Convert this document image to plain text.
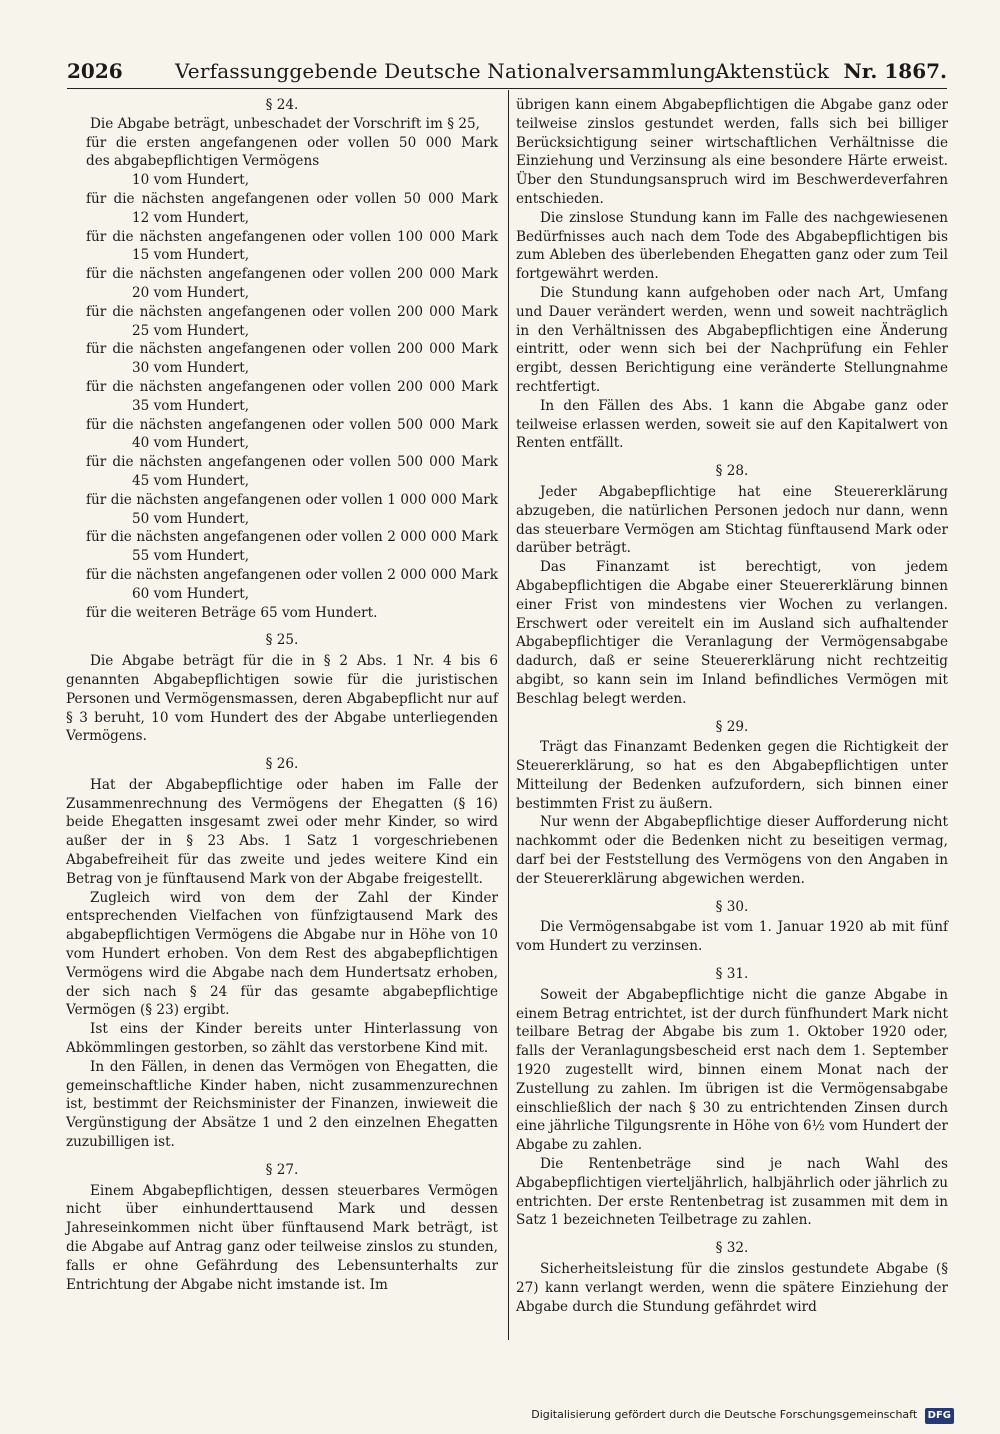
2026	Verfassunggebende Deutsche Nationalversammlung.
Aktenstück Nr. 1867.

§ 24.

Die Abgabe beträgt, unbeschadet der Vorschrift im § 25,

für die ersten angefangenen oder vollen 50 000 Mark

des abgabepflichtigen Vermögens

10 vom Hundert,

für die nächsten angefangenen oder vollen 50 000 Mark

12 vom Hundert,

für die nächsten angefangenen oder vollen 100 000 Mark

15 vom Hundert,

für die nächsten angefangenen oder vollen 200 000 Mark

20 vom Hundert,

für die nächsten angefangenen oder vollen 200 000 Mark

25 vom Hundert,

für die nächsten angefangenen oder vollen 200 000 Mark

30 vom Hundert,

für die nächsten angefangenen oder vollen 200 000 Mark

35 vom Hundert,

für die nächsten angefangenen oder vollen 500 000 Mark

40 vom Hundert,

für die nächsten angefangenen oder vollen 500 000 Mark

45 vom Hundert,

für die nächsten angefangenen oder vollen 1 000 000 Mark

50 vom Hundert,

für die nächsten angefangenen oder vollen 2 000 000 Mark

55 vom Hundert,

für die nächsten angefangenen oder vollen 2 000 000 Mark

60 vom Hundert,

für die weiteren Beträge 65 vom Hundert.

§ 25.

Die Abgabe beträgt für die in § 2 Abs. 1 Nr. 4 bis 6 genannten Abgabepflichtigen sowie für die juristischen Personen und Vermögensmassen, deren Abgabepflicht nur auf § 3 beruht, 10 vom Hundert des der Abgabe unterliegenden Vermögens.

§ 26.

Hat der Abgabepflichtige oder haben im Falle der Zusammenrechnung des Vermögens der Ehegatten (§ 16) beide Ehegatten insgesamt zwei oder mehr Kinder, so wird außer der in § 23 Abs. 1 Satz 1 vorgeschriebenen Abgabefreiheit für das zweite und jedes weitere Kind ein Betrag von je fünftausend Mark von der Abgabe freigestellt.

Zugleich wird von dem der Zahl der Kinder entsprechenden Vielfachen von fünfzigtausend Mark des abgabepflichtigen Vermögens die Abgabe nur in Höhe von 10 vom Hundert erhoben. Von dem Rest des abgabepflichtigen Vermögens wird die Abgabe nach dem Hundertsatz erhoben, der sich nach § 24 für das gesamte abgabepflichtige Vermögen (§ 23) ergibt.

Ist eins der Kinder bereits unter Hinterlassung von Abkömmlingen gestorben, so zählt das verstorbene Kind mit.

In den Fällen, in denen das Vermögen von Ehegatten, die gemeinschaftliche Kinder haben, nicht zusammenzurechnen ist, bestimmt der Reichsminister der Finanzen, inwieweit die Vergünstigung der Absätze 1 und 2 den einzelnen Ehegatten zuzubilligen ist.

§ 27.

Einem Abgabepflichtigen, dessen steuerbares Vermögen nicht über einhunderttausend Mark und dessen Jahreseinkommen nicht über fünftausend Mark beträgt, ist die Abgabe auf Antrag ganz oder teilweise zinslos zu stunden, falls er ohne Gefährdung des Lebensunterhalts zur Entrichtung der Abgabe nicht imstande ist. Im

übrigen kann einem Abgabepflichtigen die Abgabe ganz oder teilweise zinslos gestundet werden, falls sich bei billiger Berücksichtigung seiner wirtschaftlichen Verhältnisse die Einziehung und Verzinsung als eine besondere Härte erweist. Über den Stundungsanspruch wird im Beschwerdeverfahren entschieden.

Die zinslose Stundung kann im Falle des nachgewiesenen Bedürfnisses auch nach dem Tode des Abgabepflichtigen bis zum Ableben des überlebenden Ehegatten ganz oder zum Teil fortgewährt werden.

Die Stundung kann aufgehoben oder nach Art, Umfang und Dauer verändert werden, wenn und soweit nachträglich in den Verhältnissen des Abgabepflichtigen eine Änderung eintritt, oder wenn sich bei der Nachprüfung ein Fehler ergibt, dessen Berichtigung eine veränderte Stellungnahme rechtfertigt.

In den Fällen des Abs. 1 kann die Abgabe ganz oder teilweise erlassen werden, soweit sie auf den Kapitalwert von Renten entfällt.

§ 28.

Jeder Abgabepflichtige hat eine Steuererklärung abzugeben, die natürlichen Personen jedoch nur dann, wenn das steuerbare Vermögen am Stichtag fünftausend Mark oder darüber beträgt.

Das Finanzamt ist berechtigt, von jedem Abgabepflichtigen die Abgabe einer Steuererklärung binnen einer Frist von mindestens vier Wochen zu verlangen. Erschwert oder vereitelt ein im Ausland sich aufhaltender Abgabepflichtiger die Veranlagung der Vermögensabgabe dadurch, daß er seine Steuererklärung nicht rechtzeitig abgibt, so kann sein im Inland befindliches Vermögen mit Beschlag belegt werden.

§ 29.

Trägt das Finanzamt Bedenken gegen die Richtigkeit der Steuererklärung, so hat es den Abgabepflichtigen unter Mitteilung der Bedenken aufzufordern, sich binnen einer bestimmten Frist zu äußern.

Nur wenn der Abgabepflichtige dieser Aufforderung nicht nachkommt oder die Bedenken nicht zu beseitigen vermag, darf bei der Feststellung des Vermögens von den Angaben in der Steuererklärung abgewichen werden.

§ 30.

Die Vermögensabgabe ist vom 1. Januar 1920 ab mit fünf vom Hundert zu verzinsen.

§ 31.

Soweit der Abgabepflichtige nicht die ganze Abgabe in einem Betrag entrichtet, ist der durch fünfhundert Mark nicht teilbare Betrag der Abgabe bis zum 1. Oktober 1920 oder, falls der Veranlagungsbescheid erst nach dem 1. September 1920 zugestellt wird, binnen einem Monat nach der Zustellung zu zahlen. Im übrigen ist die Vermögensabgabe einschließlich der nach § 30 zu entrichtenden Zinsen durch eine jährliche Tilgungsrente in Höhe von 6½ vom Hundert der Abgabe zu zahlen.

Die Rentenbeträge sind je nach Wahl des Abgabepflichtigen vierteljährlich, halbjährlich oder jährlich zu entrichten. Der erste Rentenbetrag ist zusammen mit dem in Satz 1 bezeichneten Teilbetrage zu zahlen.

§ 32.

Sicherheitsleistung für die zinslos gestundete Abgabe (§ 27) kann verlangt werden, wenn die spätere Einziehung der Abgabe durch die Stundung gefährdet wird

Digitalisierung gefördert durch die Deutsche Forschungsgemeinschaft DFG
